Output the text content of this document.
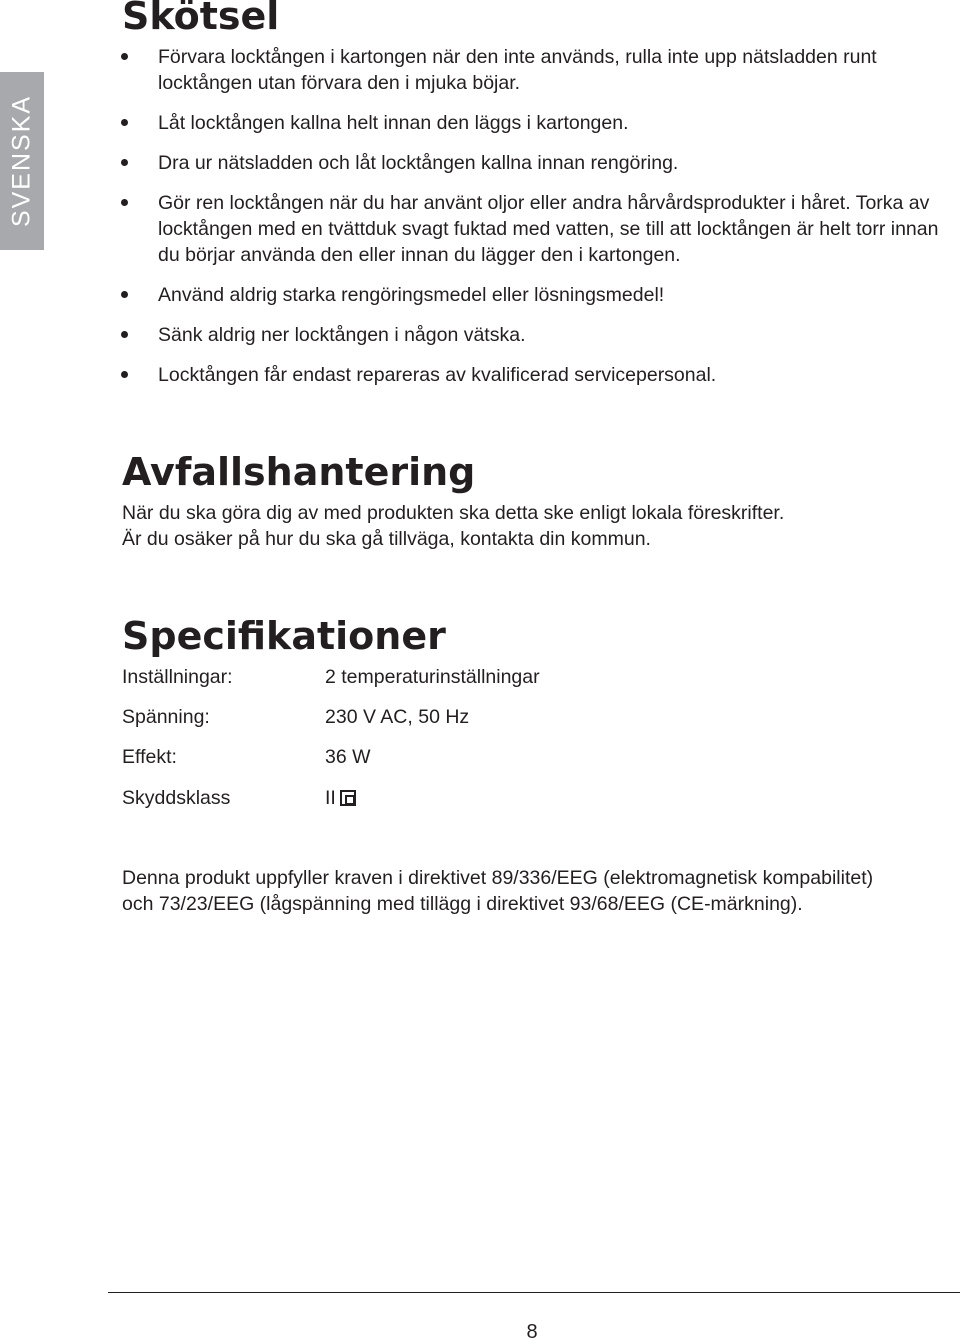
SVENSKA
Skötsel
Förvara locktången i kartongen när den inte används, rulla inte upp nätsladden runt locktången utan förvara den i mjuka böjar.
Låt locktången kallna helt innan den läggs i kartongen.
Dra ur nätsladden och låt locktången kallna innan rengöring.
Gör ren locktången när du har använt oljor eller andra hårvårdsprodukter i håret. Torka av locktången med en tvättduk svagt fuktad med vatten, se till att locktången är helt torr innan du börjar använda den eller innan du lägger den i kartongen.
Använd aldrig starka rengöringsmedel eller lösningsmedel!
Sänk aldrig ner locktången i någon vätska.
Locktången får endast repareras av kvalificerad servicepersonal.
Avfallshantering

När du ska göra dig av med produkten ska detta ske enligt lokala föreskrifter.

Är du osäker på hur du ska gå tillväga, kontakta din kommun.

Specifikationer
Inställningar:	2 temperaturinställningar
Spänning:	230 V AC, 50 Hz
Effekt:	36 W
Skyddsklass	II

Denna produkt uppfyller kraven i direktivet 89/336/EEG (elektromagnetisk kompabilitet)

och 73/23/EEG (lågspänning med tillägg i direktivet 93/68/EEG (CE-märkning).

8
